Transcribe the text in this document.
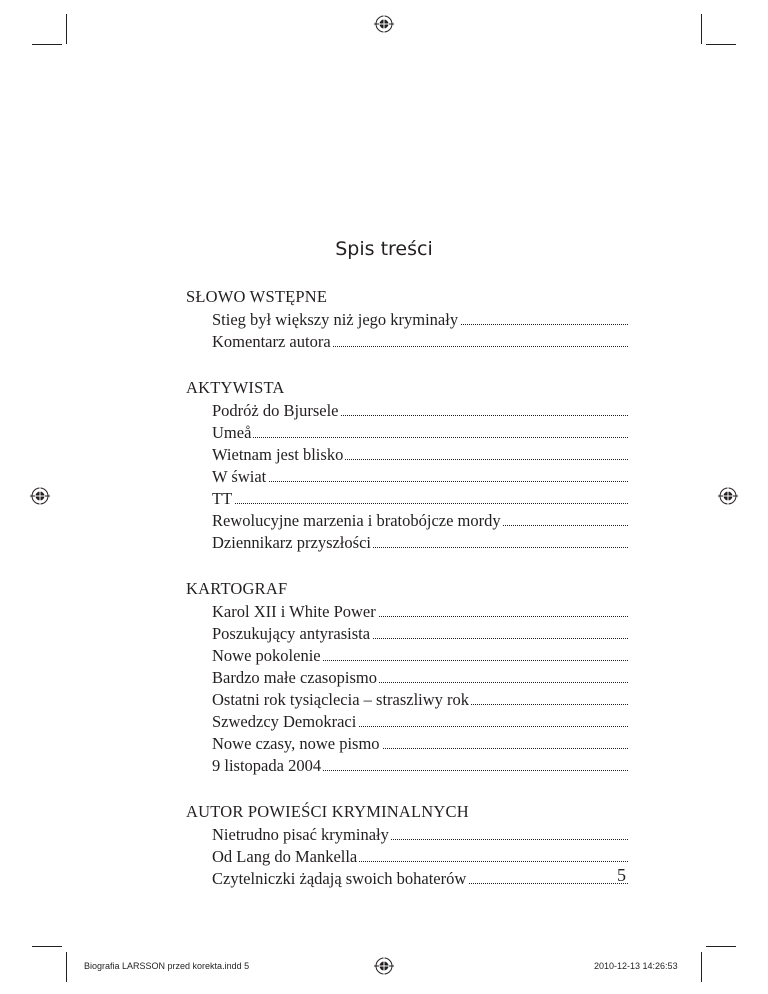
Spis treści
SŁOWO WSTĘPNE
Stieg był większy niż jego kryminały
Komentarz autora
AKTYWISTA
Podróż do Bjurselе
Umeå
Wietnam jest blisko
W świat
TT
Rewolucyjne marzenia i bratobójcze mordy
Dziennikarz przyszłości
KARTOGRAF
Karol XII i White Power
Poszukujący antyrasista
Nowe pokolenie
Bardzo małe czasopismo
Ostatni rok tysiąclecia – straszliwy rok
Szwedzcy Demokraci
Nowe czasy, nowe pismo
9 listopada 2004
AUTOR POWIEŚCI KRYMINALNYCH
Nietrudno pisać kryminały
Od Lang do Mankella
Czytelniczki żądają swoich bohaterów	5
Biografia LARSSON przed korekta.indd 5	2010-12-13 14:26:53
